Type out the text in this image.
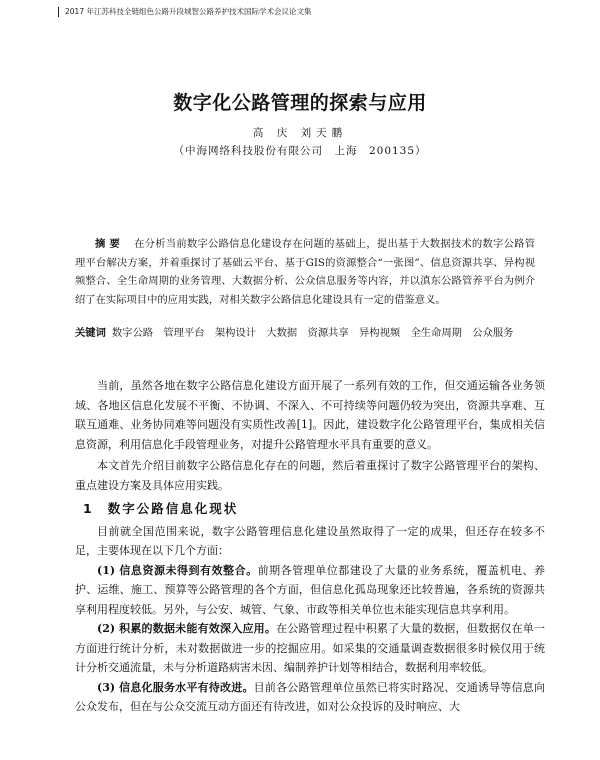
2017 年江苏科技全链组色公路升段城智公路养护技术国际学术会议论文集
数字化公路管理的探索与应用
高 庆 刘天鹏
（中海网络科技股份有限公司　上海　200135）
摘要 在分析当前数字公路信息化建设存在问题的基础上，提出基于大数据技术的数字公路管理平台解决方案，并着重探讨了基础云平台、基于GIS的资源整合“一张图”、信息资源共享、异构视频整合、全生命周期的业务管理、大数据分析、公众信息服务等内容，并以滇东公路管养平台为例介绍了在实际项目中的应用实践，对相关数字公路信息化建设具有一定的借鉴意义。
关键词 数字公路　管理平台　架构设计　大数据　资源共享　异构视频　全生命周期　公众服务

当前，虽然各地在数字公路信息化建设方面开展了一系列有效的工作，但交通运输各业务领域、各地区信息化发展不平衡、不协调、不深入、不可持续等问题仍较为突出，资源共享难、互联互通难、业务协同难等问题没有实质性改善[1]。因此，建设数字化公路管理平台，集成相关信息资源，利用信息化手段管理业务，对提升公路管理水平具有重要的意义。

本文首先介绍目前数字公路信息化存在的问题，然后着重探讨了数字公路管理平台的架构、重点建设方案及具体应用实践。

1 数字公路信息化现状

目前就全国范围来说，数字公路管理信息化建设虽然取得了一定的成果，但还存在较多不足，主要体现在以下几个方面：

(1) 信息资源未得到有效整合。前期各管理单位都建设了大量的业务系统，覆盖机电、养护、运维、施工、预算等公路管理的各个方面，但信息化孤岛现象还比较普遍，各系统的资源共享利用程度较低。另外，与公安、城管、气象、市政等相关单位也未能实现信息共享利用。

(2) 积累的数据未能有效深入应用。在公路管理过程中积累了大量的数据，但数据仅在单一方面进行统计分析，未对数据做进一步的挖掘应用。如采集的交通量调查数据很多时候仅用于统计分析交通流量，未与分析道路病害未因、编制养护计划等相结合，数据利用率较低。

(3) 信息化服务水平有待改进。目前各公路管理单位虽然已将实时路况、交通诱导等信息向公众发布，但在与公众交流互动方面还有待改进，如对公众投诉的及时响应、大
